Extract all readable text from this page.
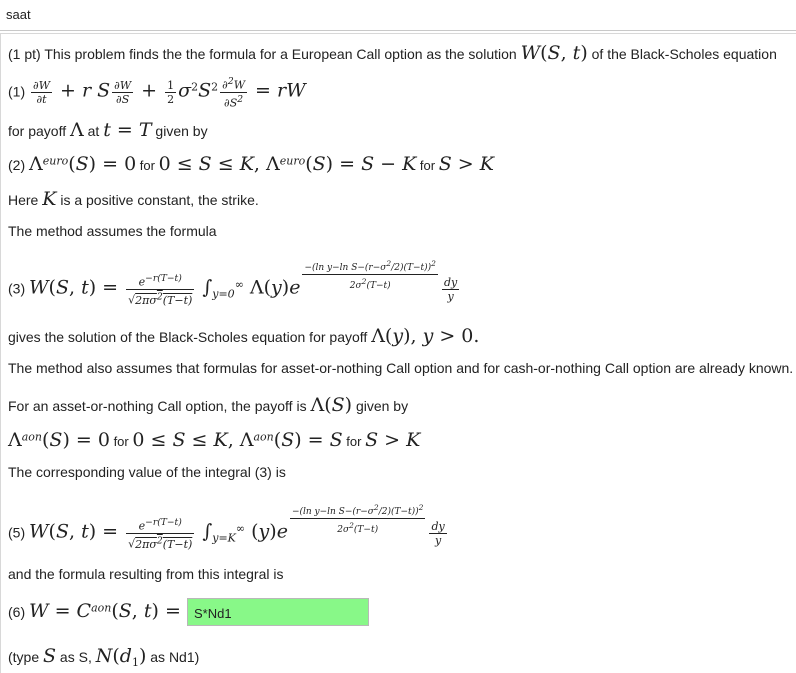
saat
(1 pt) This problem finds the the formula for a European Call option as the solution W(S, t) of the Black-Scholes equation
$(1) \frac{\partial W}{\partial t} + r$ S $\frac{\partial W}{\partial S} + \frac{1}{2} \sigma^2S^2 \frac{\partial^2W}{\partial S^2}$ = rW
for payoff Λ at t = T given by
(2) $\Lambda^{euro}(S) = 0$ for 0 ≤ S ≤ K, $\Lambda^{euro}(S) = S - K$ for S > K
Here K is a positive constant, the strike.
The method assumes the formula
(3) W(S, $t) = \frac{e^{-r(T-t)}}{√2\pi\sigma^2(T-t)} \int_{y=0}^\infty$ $\Lambda(y)e \frac{-(\ln y-\ln S-(r-\sigma^2/2)(T-t))^2}{2\sigma^2(T-t)} \frac{dy}{y}$
gives the solution of the Black-Scholes equation for payoff Λ(y), y > 0.
The method also assumes that formulas for asset-or-nothing Call option and for cash-or-nothing Call option are already known.
For an asset-or-nothing Call option, the payoff is Λ(S) given by
$\Lambda^{aon}(S) = 0$ for 0 ≤ S ≤ K, $\Lambda^{aon}(S) = S$ for S > K
The corresponding value of the integral (3) is
(5) W(S, $t) = \frac{e^{-r(T-t)}}{√2\pi\sigma^2(T-t)} \int_{y=K}^\infty$ $(y)e \frac{-(\ln y-\ln S-(r-\sigma^2/2)(T-t))^2}{2\sigma^2(T-t)} \frac{dy}{y}$
and the formula resulting from this integral is
(6) $W = C^{aon}(S$, t) =
S*Nd1
(type S as S, $N(d_1)$ as Nd1)
